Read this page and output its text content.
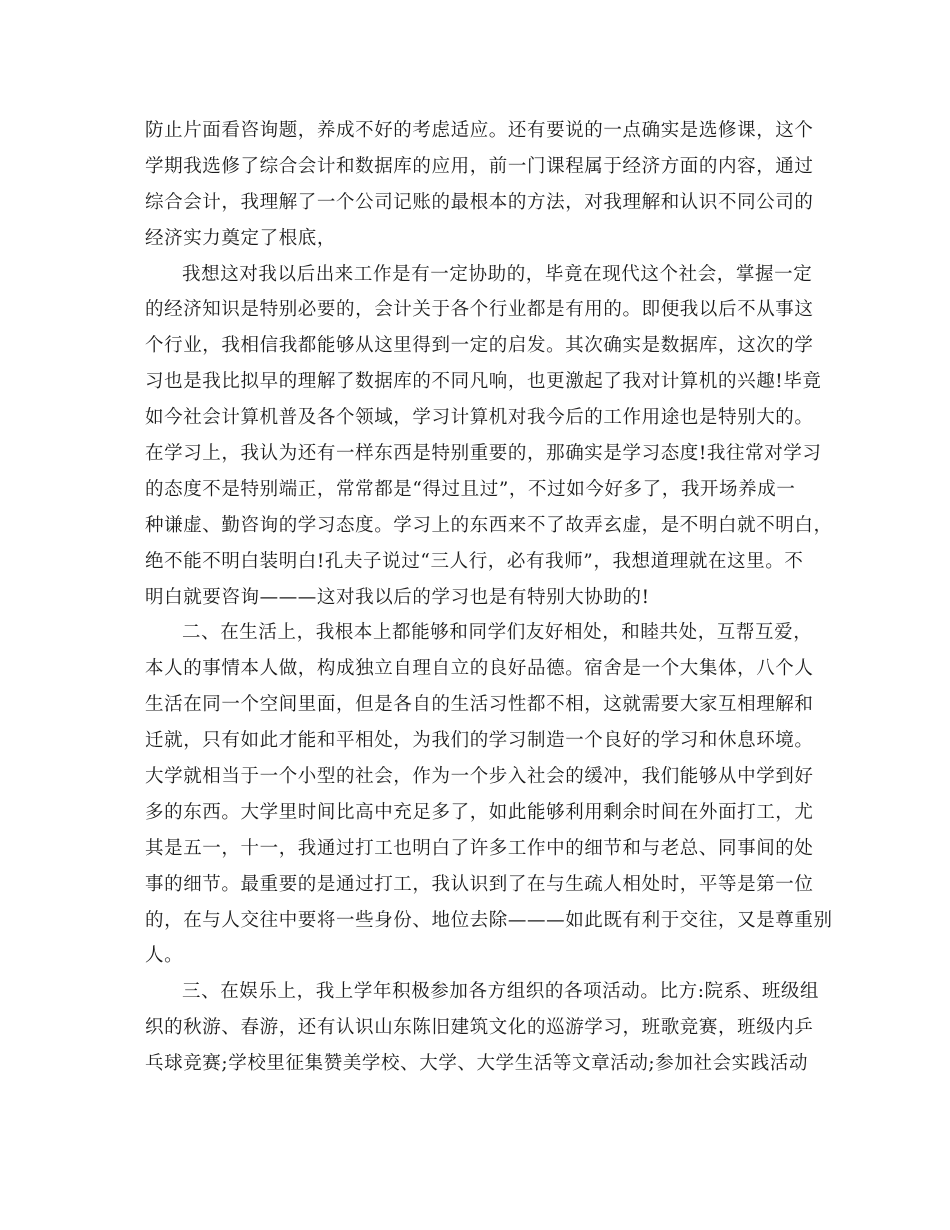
防止片面看咨询题，养成不好的考虑适应。还有要说的一点确实是选修课，这个
学期我选修了综合会计和数据库的应用，前一门课程属于经济方面的内容，通过
综合会计，我理解了一个公司记账的最根本的方法，对我理解和认识不同公司的
经济实力奠定了根底，
我想这对我以后出来工作是有一定协助的，毕竟在现代这个社会，掌握一定
的经济知识是特别必要的，会计关于各个行业都是有用的。即便我以后不从事这
个行业，我相信我都能够从这里得到一定的启发。其次确实是数据库，这次的学
习也是我比拟早的理解了数据库的不同凡响，也更激起了我对计算机的兴趣!毕竟
如今社会计算机普及各个领域，学习计算机对我今后的工作用途也是特别大的。
在学习上，我认为还有一样东西是特别重要的，那确实是学习态度!我往常对学习
的态度不是特别端正，常常都是“得过且过”，不过如今好多了，我开场养成一
种谦虚、勤咨询的学习态度。学习上的东西来不了故弄玄虚，是不明白就不明白，
绝不能不明白装明白!孔夫子说过“三人行，必有我师”，我想道理就在这里。不
明白就要咨询———这对我以后的学习也是有特别大协助的!
二、在生活上，我根本上都能够和同学们友好相处，和睦共处，互帮互爱，
本人的事情本人做，构成独立自理自立的良好品德。宿舍是一个大集体，八个人
生活在同一个空间里面，但是各自的生活习性都不相，这就需要大家互相理解和
迁就，只有如此才能和平相处，为我们的学习制造一个良好的学习和休息环境。
大学就相当于一个小型的社会，作为一个步入社会的缓冲，我们能够从中学到好
多的东西。大学里时间比高中充足多了，如此能够利用剩余时间在外面打工，尤
其是五一，十一，我通过打工也明白了许多工作中的细节和与老总、同事间的处
事的细节。最重要的是通过打工，我认识到了在与生疏人相处时，平等是第一位
的，在与人交往中要将一些身份、地位去除———如此既有利于交往，又是尊重别
人。
三、在娱乐上，我上学年积极参加各方组织的各项活动。比方:院系、班级组
织的秋游、春游，还有认识山东陈旧建筑文化的巡游学习，班歌竞赛，班级内乒
乓球竞赛;学校里征集赞美学校、大学、大学生活等文章活动;参加社会实践活动
